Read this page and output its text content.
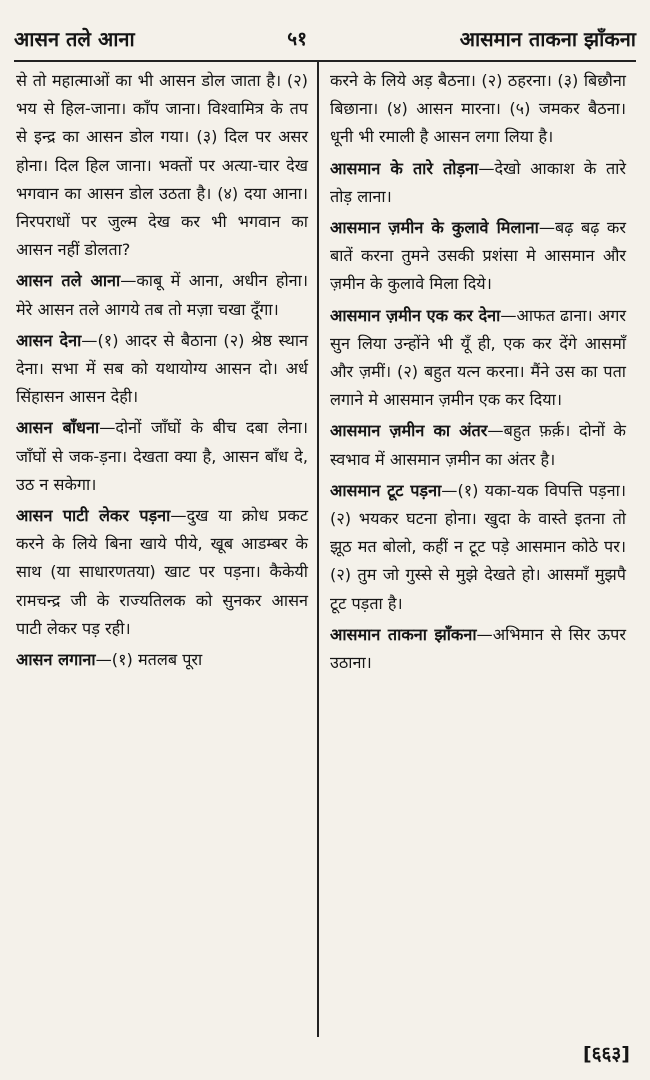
आसन तले आना	५१	आसमान ताकना झाँकना

से तो महात्माओं का भी आसन डोल जाता है। (२) भय से हिल-जाना। काँप जाना। विश्वामित्र के तप से इन्द्र का आसन डोल गया। (३) दिल पर असर होना। दिल हिल जाना। भक्तों पर अत्या-चार देख भगवान का आसन डोल उठता है। (४) दया आना। निरपराधों पर जुल्म देख कर भी भगवान का आसन नहीं डोलता?

आसन तले आना—काबू में आना, अधीन होना। मेरे आसन तले आगये तब तो मज़ा चखा दूँगा।

आसन देना—(१) आदर से बैठाना (२) श्रेष्ठ स्थान देना। सभा में सब को यथायोग्य आसन दो। अर्ध सिंहासन आसन देही।

आसन बाँधना—दोनों जाँघों के बीच दबा लेना। जाँघों से जक-ड़ना। देखता क्या है, आसन बाँध दे, उठ न सकेगा।

आसन पाटी लेकर पड़ना—दुख या क्रोध प्रकट करने के लिये बिना खाये पीये, खूब आडम्बर के साथ (या साधारणतया) खाट पर पड़ना। कैकेयी रामचन्द्र जी के राज्यतिलक को सुनकर आसन पाटी लेकर पड़ रही।

आसन लगाना—(१) मतलब पूरा

करने के लिये अड़ बैठना। (२) ठहरना। (३) बिछौना बिछाना। (४) आसन मारना। (५) जमकर बैठना। धूनी भी रमाली है आसन लगा लिया है।

आसमान के तारे तोड़ना—देखो आकाश के तारे तोड़ लाना।

आसमान ज़मीन के कुलावे मिलाना—बढ़ बढ़ कर बातें करना तुमने उसकी प्रशंसा मे आसमान और ज़मीन के कुलावे मिला दिये।

आसमान ज़मीन एक कर देना—आफत ढाना। अगर सुन लिया उन्होंने भी यूँ ही, एक कर देंगे आसमाँ और ज़मीं। (२) बहुत यत्न करना। मैंने उस का पता लगाने मे आसमान ज़मीन एक कर दिया।

आसमान ज़मीन का अंतर—बहुत फ़र्क़। दोनों के स्वभाव में आसमान ज़मीन का अंतर है।

आसमान टूट पड़ना—(१) यका-यक विपत्ति पड़ना। (२) भयकर घटना होना। खुदा के वास्ते इतना तो झूठ मत बोलो, कहीं न टूट पड़े आसमान कोठे पर। (२) तुम जो गुस्से से मुझे देखते हो। आसमाँ मुझपै टूट पड़ता है।

आसमान ताकना झाँकना—अभिमान से सिर ऊपर उठाना।

[६६३]
